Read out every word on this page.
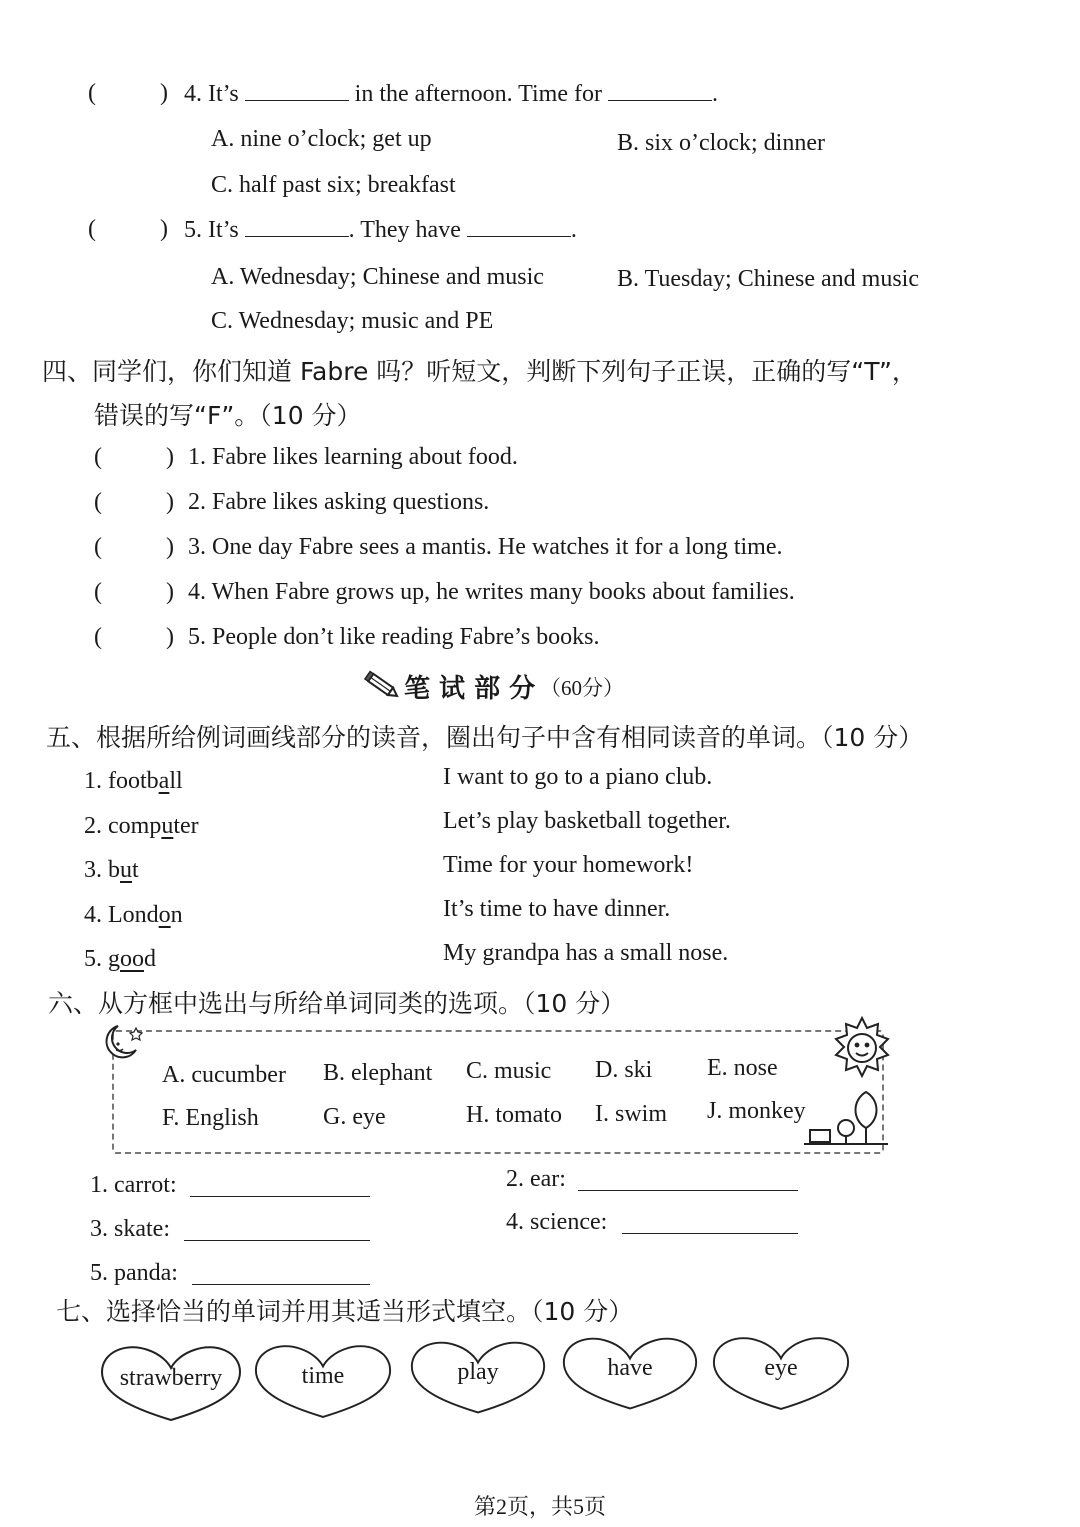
(	) 4. It’s	in the afternoon. Time for	.
A. nine o’clock; get up	B. six o’clock; dinner
C. half past six; breakfast
(	) 5. It’s	. They have	.
A. Wednesday; Chinese and music	B. Tuesday; Chinese and music
C. Wednesday; music and PE
四、同学们，你们知道 Fabre 吗？听短文，判断下列句子正误，正确的写“T”，
错误的写“F”。（10 分）
(	) 1. Fabre likes learning about food.
(	) 2. Fabre likes asking questions.
(	) 3. One day Fabre sees a mantis. He watches it for a long time.
(	) 4. When Fabre grows up, he writes many books about families.
(	) 5. People don’t like reading Fabre’s books.
笔 试 部 分 （60分）
五、根据所给例词画线部分的读音，圈出句子中含有相同读音的单词。（10 分）
1. football
2. computer
3. but
4. London
5. good
I want to go to a piano club.
Let’s play basketball together.
Time for your homework!
It’s time to have dinner.
My grandpa has a small nose.
六、从方框中选出与所给单词同类的选项。（10 分）
A. cucumber B. elephant C. music D. ski E. nose
F. English	G. eye	H. tomato I. swim J. monkey
1. carrot:	2. ear:
3. skate:	4. science:
5. panda:
七、选择恰当的单词并用其适当形式填空。（10 分）
strawberry	time	play	have	eye
第2页，共5页
